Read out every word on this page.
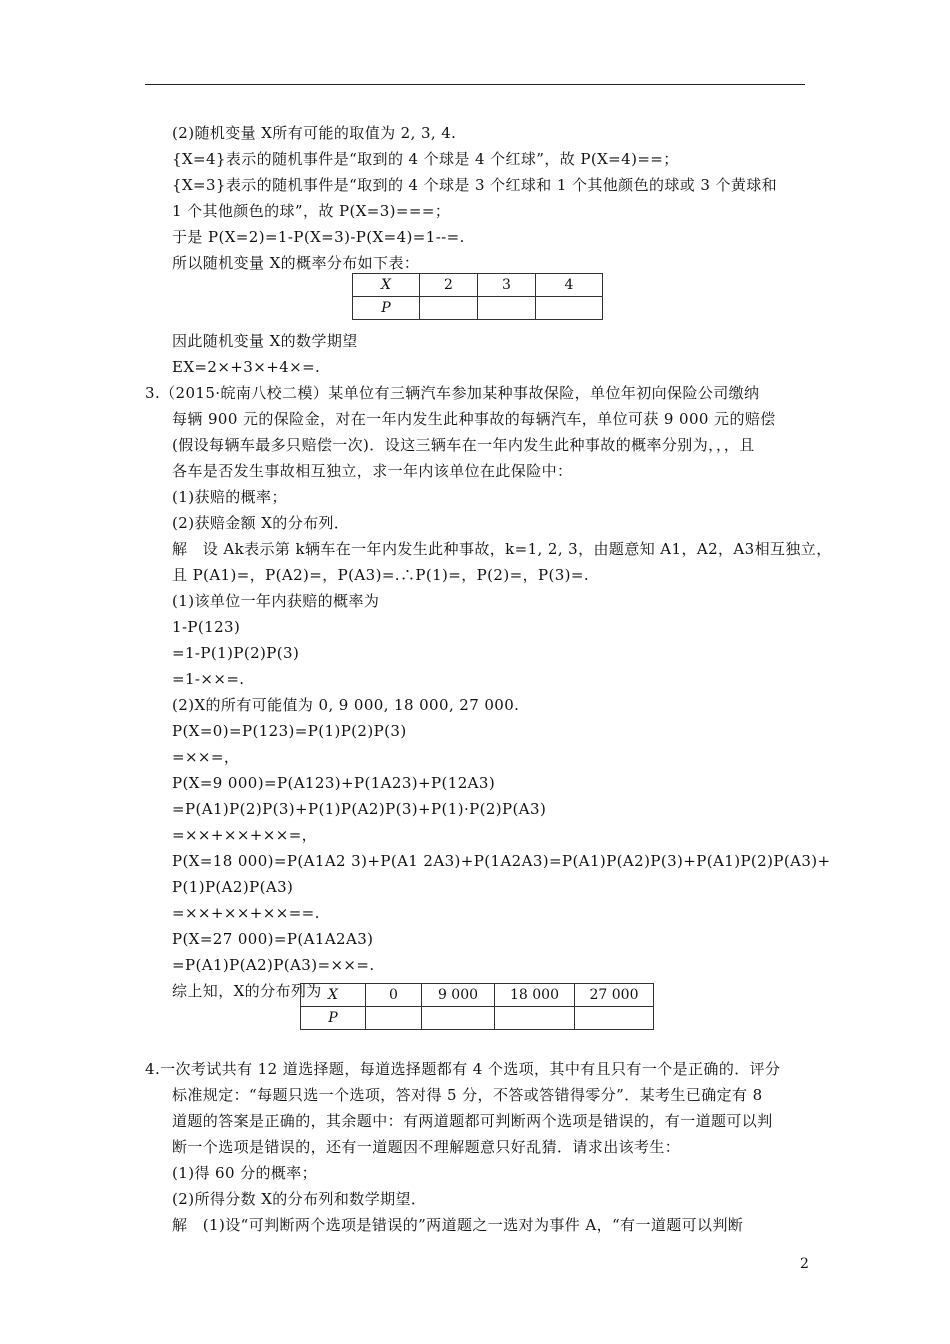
(2)随机变量 X所有可能的取值为 2, 3, 4.
{X=4}表示的随机事件是“取到的 4 个球是 4 个红球”，故 P(X=4)==；
{X=3}表示的随机事件是“取到的 4 个球是 3 个红球和 1 个其他颜色的球或 3 个黄球和
1 个其他颜色的球”，故 P(X=3)===；
于是 P(X=2)=1-P(X=3)-P(X=4)=1--=.
所以随机变量 X的概率分布如下表：
因此随机变量 X的数学期望
EX=2×+3×+4×=.
3.（2015·皖南八校二模）某单位有三辆汽车参加某种事故保险，单位年初向保险公司缴纳
每辆 900 元的保险金，对在一年内发生此种事故的每辆汽车，单位可获 9 000 元的赔偿
(假设每辆车最多只赔偿一次)．设这三辆车在一年内发生此种事故的概率分别为，，，且
各车是否发生事故相互独立，求一年内该单位在此保险中：
(1)获赔的概率；
(2)获赔金额 X的分布列．
解　设 Ak表示第 k辆车在一年内发生此种事故，k=1, 2, 3，由题意知 A1，A2，A3相互独立，
且 P(A1)=，P(A2)=，P(A3)=.∴P(1)=，P(2)=，P(3)=.
(1)该单位一年内获赔的概率为
1-P(123)
=1-P(1)P(2)P(3)
=1-××=.
(2)X的所有可能值为 0, 9 000, 18 000, 27 000.
P(X=0)=P(123)=P(1)P(2)P(3)
=××=，
P(X=9 000)=P(A123)+P(1A23)+P(12A3)
=P(A1)P(2)P(3)+P(1)P(A2)P(3)+P(1)·P(2)P(A3)
=××+××+××=，
P(X=18 000)=P(A1A2 3)+P(A1 2A3)+P(1A2A3)=P(A1)P(A2)P(3)+P(A1)P(2)P(A3)+
P(1)P(A2)P(A3)
=××+××+××==.
P(X=27 000)=P(A1A2A3)
=P(A1)P(A2)P(A3)=××=.
综上知，X的分布列为
4.一次考试共有 12 道选择题，每道选择题都有 4 个选项，其中有且只有一个是正确的．评分
标准规定：“每题只选一个选项，答对得 5 分，不答或答错得零分”．某考生已确定有 8
道题的答案是正确的，其余题中：有两道题都可判断两个选项是错误的，有一道题可以判
断一个选项是错误的，还有一道题因不理解题意只好乱猜．请求出该考生：
(1)得 60 分的概率；
(2)所得分数 X的分布列和数学期望．
解　(1)设“可判断两个选项是错误的”两道题之一选对为事件 A，“有一道题可以判断
X	2	3	4
P			
X	0	9 000	18 000	27 000
P				
2
